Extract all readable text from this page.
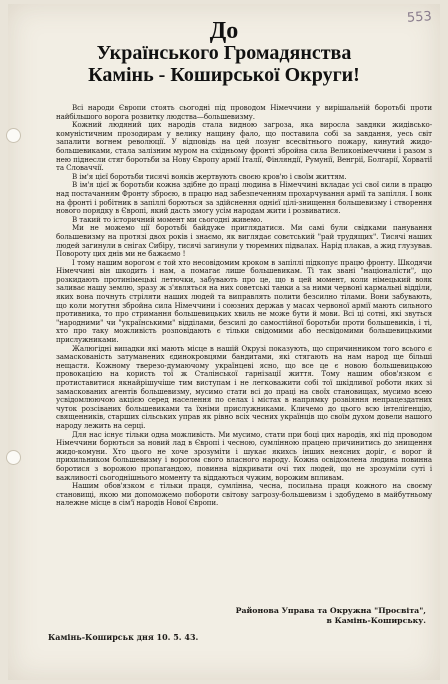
553
До
Українського Громадянства
Камінь - Коширської Округи!

Всі народи Європи стоять сьогодні під проводом Німеччини у вирішальній боротьбі проти найбільшого ворога розвитку людства—большевизму.

Кожний людяний цих народів стала видною загроза, яка виросла завдяки жидівсько-комуністичним прозодирам у велику нащину фало, що поставила собі за завдання, уесь світ запалити вогнем революції. У відповідь на цей лозунг всесвітнього пожару, кинутий жидо-большевиками, стала залізним муром на східньому фронті збройна сила Великонімеччини і разом з нею піднесли стяг боротьби за Нову Європу армії Італії, Фінляндії, Румунії, Венгрії, Болгарії, Хорватії та Словаччії.

В ім'я цієї боротьби тисячі вояків жертвують своєю кров'ю і своїм життям.

В ім'я цієї ж боротьби кожна здібне до праці людина в Німеччині вкладає усі свої сили в працю над постачанням Фронту зброєю, в працю над забезпеченням прохарчування армії та запілля. І вояк на фронті і робітник в запіллі борються за здійснення однієї цілі-знищення большевизму і створення нового порядку в Європі, який дасть змогу усім народам жити і розвиватися.

В такий то історичний момент ми сьогодні живемо.

Ми не можемо ції боротьбі байдуже приглядатися. Ми самі були свідками панування большевизму на протязі двох років і знаємо, як виглядає совєтський "рай трудящих". Тисячі наших людей загинули в снігах Сибіру, тисячі загинули у тюремних підвалах. Нарід плакав, а жид глузував. Поворотy цих днів ми не бажаємо !

І тому нашим ворогом є той хто несовідомим кроком в запіллі підкопує працю фронту. Шкодячи Німеччині він шкодить і нам, а помагає лише большевикам. Ті так звані "націоналісти", що розкидають протинімецькі летючки, забувають про це, що в цей момент, коли німецький вояк заливає нашу землю, зразу ж з'являться на них советські танки а за ними червоні кармальні відділи, яких вона почнуть стріляти наших людей та виправлять полити безсилно тілами. Вони забувають, що коли могутня збройна сила Німеччини і союзних держав у масах червоної армії мають сильного противника, то про стримання большевицьких хвиль не може бути й мови. Всі ці сотні, які звуться "народними" чи "українськими" відділами, безсилі до самостійної боротьби проти большевиків, і ті, хто про таку можливість розповідають є тільки свідомими або несвідомими большевицькими прислужниками.

Жалюгідні випадки які мають місце в нашій Окрузі показують, що спричинником того всього є замаскованість затуманених єдинокровцями бандитами, які стягають на нам народ ще більші нещастя. Кожному тверезо-думаючому українцеві ясно, що все це є новою большевицькою провокацією на користь тої ж Сталінської гарнізації життя. Тому нашим обов'язком є протиставитися якнайрішучіше тим виступам і не легковажити собі тої шкідливої роботи яких зі замаскованих агентів большевизму, мусимо стати всі до праці на своїх становищах, мусимо всею усвідомлюючою акцією серед населення по селах і містах в напрямку розвіяння непрацездатних чуток розсіваних большевиками та їхніми прислужниками. Кличемо до цього всю інтелігенцію, священників, старших сільських управ як рівно всіх чесних українців що своїм духом довели нашого народу лежить на серці.

Для нас існує тільки одна можливість. Ми мусимо, стати при боці цих народів, які під проводом Німеччини борються за новий лад в Європі і чесною, сумлінною працею причинитись до знищення жидо-комуни. Хто цього не хоче зрозуміти і шукає якихсь інших неясних доріг, є ворог й прихильником большевизму і ворогом свого власного народу. Кожна освідомлена людина повинна боротися з ворожою пропагандою, повинна відкривати очі тих людей, що не зрозуміли суті і важливості сьогоднішнього моменту та віддаються чужим, ворожим впливам.

Нашим обов'язком є тільки праця, сумлінна, чесна, посильна праця кожного на своєму становищі, якою ми допоможемо побороти світову загрозу-большевизм і здобудемо в майбутньому належне місце в сім'ї народів Нової Європи.

Районова Управа та Окружна "Просвіта",
в Камінь-Коширську.
Камінь-Коширськ дня 10. 5. 43.
